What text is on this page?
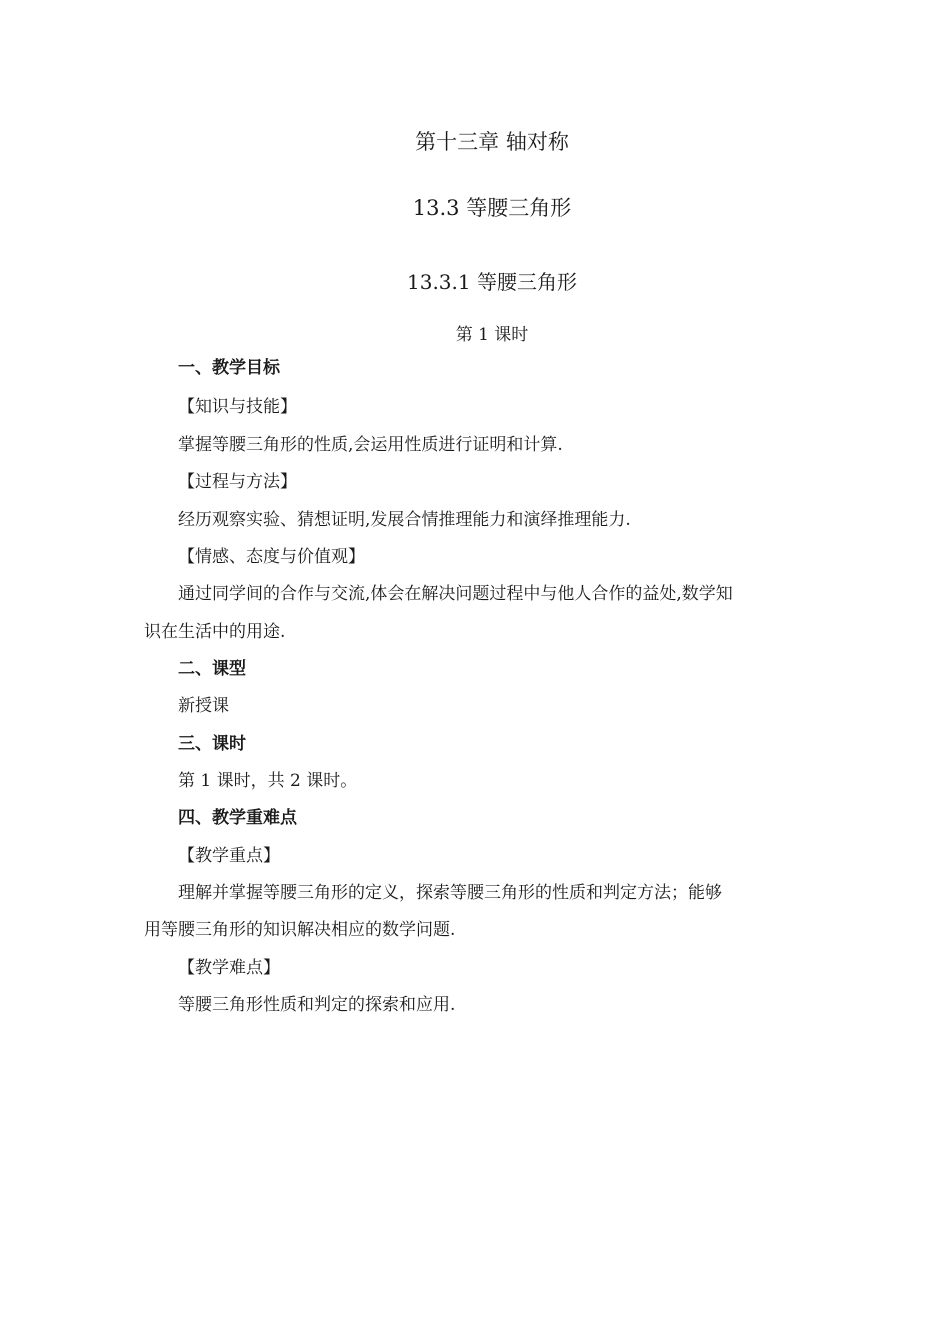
第十三章 轴对称
13.3 等腰三角形
13.3.1 等腰三角形
第 1 课时
一、教学目标
【知识与技能】
掌握等腰三角形的性质,会运用性质进行证明和计算.
【过程与方法】
经历观察实验、猜想证明,发展合情推理能力和演绎推理能力.
【情感、态度与价值观】
通过同学间的合作与交流,体会在解决问题过程中与他人合作的益处,数学知
识在生活中的用途.
二、课型
新授课
三、课时
第 1 课时，共 2 课时。
四、教学重难点
【教学重点】
理解并掌握等腰三角形的定义，探索等腰三角形的性质和判定方法；能够
用等腰三角形的知识解决相应的数学问题.
【教学难点】
等腰三角形性质和判定的探索和应用.
